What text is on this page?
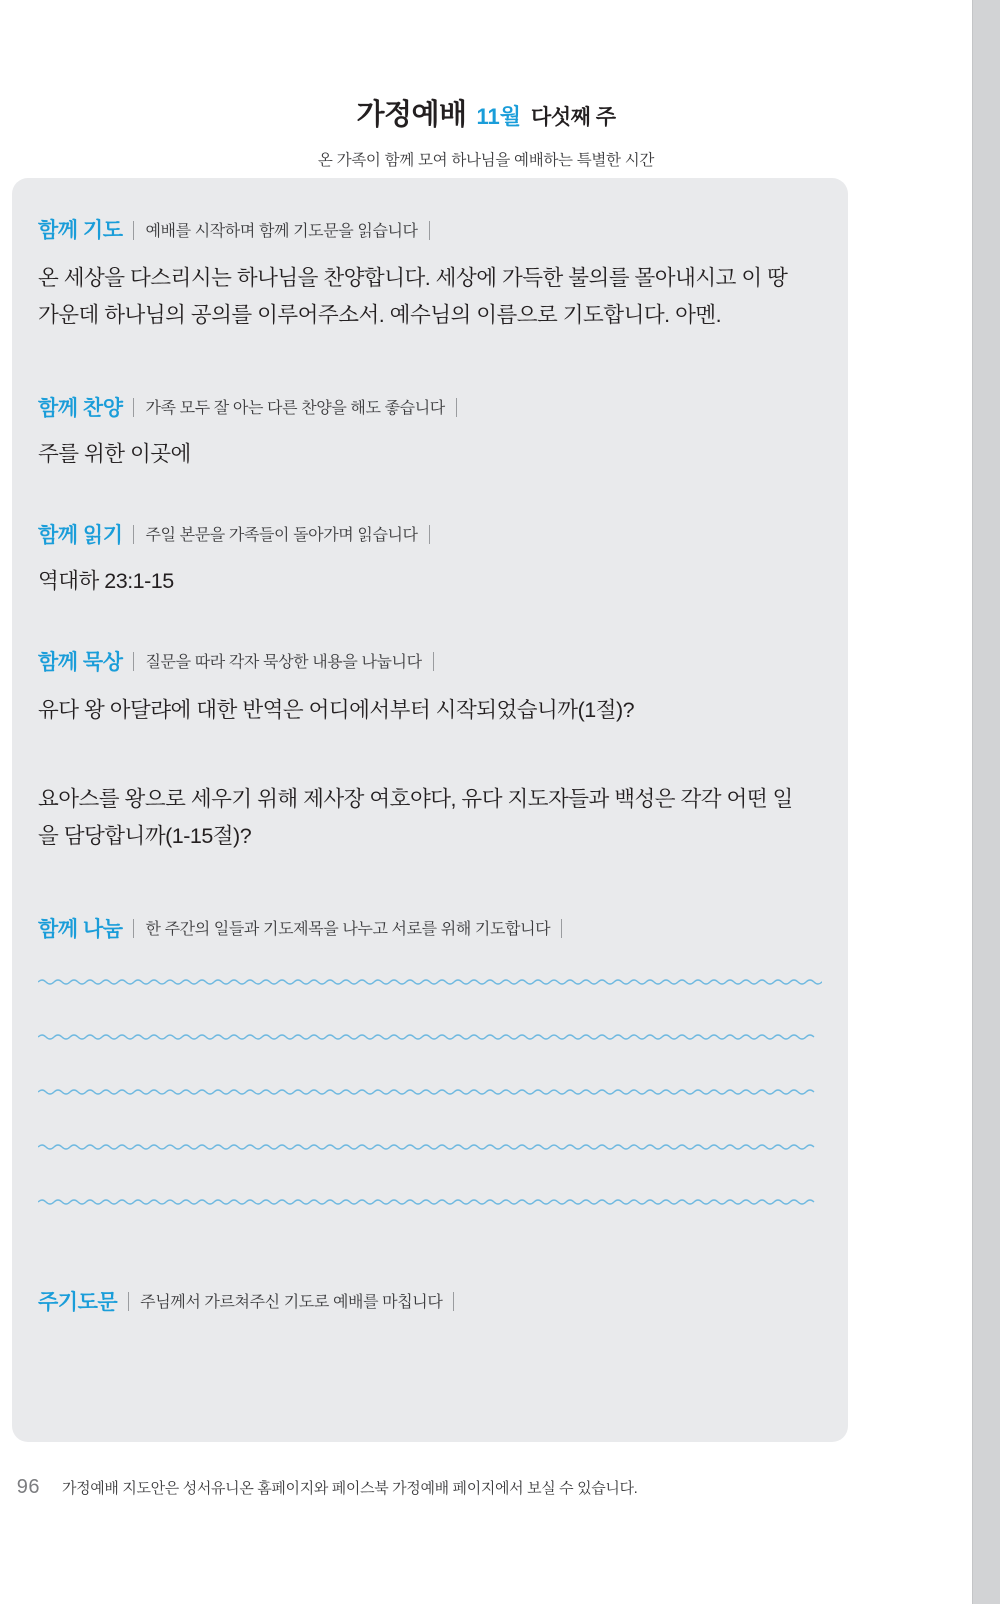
가정예배 11월 다섯째 주
온 가족이 함께 모여 하나님을 예배하는 특별한 시간
함께 기도 예배를 시작하며 함께 기도문을 읽습니다
온 세상을 다스리시는 하나님을 찬양합니다. 세상에 가득한 불의를 몰아내시고 이 땅 가운데 하나님의 공의를 이루어주소서. 예수님의 이름으로 기도합니다. 아멘.
함께 찬양 가족 모두 잘 아는 다른 찬양을 해도 좋습니다
주를 위한 이곳에
함께 읽기 주일 본문을 가족들이 돌아가며 읽습니다
역대하 23:1-15
함께 묵상 질문을 따라 각자 묵상한 내용을 나눕니다
유다 왕 아달랴에 대한 반역은 어디에서부터 시작되었습니까(1절)?
요아스를 왕으로 세우기 위해 제사장 여호야다, 유다 지도자들과 백성은 각각 어떤 일을 담당합니까(1-15절)?
함께 나눔 한 주간의 일들과 기도제목을 나누고 서로를 위해 기도합니다
주기도문 주님께서 가르쳐주신 기도로 예배를 마칩니다
96 가정예배 지도안은 성서유니온 홈페이지와 페이스북 가정예배 페이지에서 보실 수 있습니다.
